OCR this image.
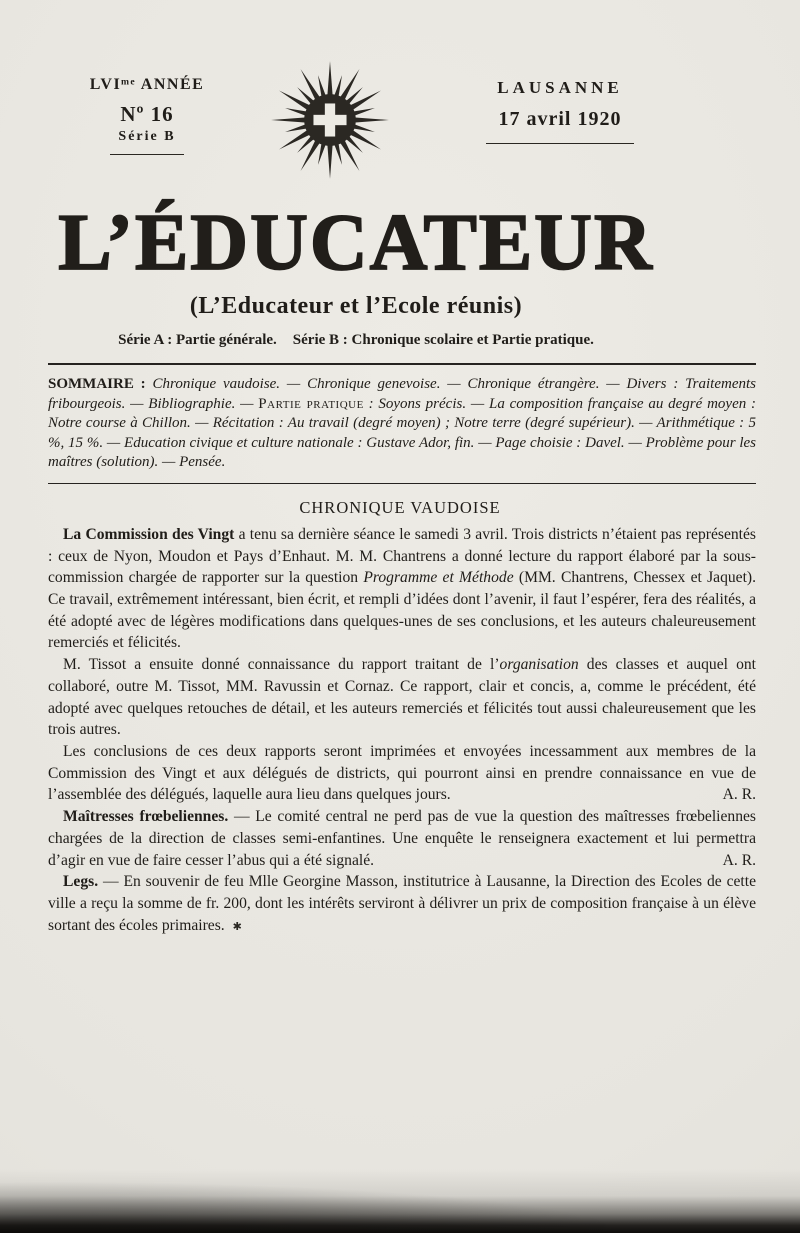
LVIᵐᵉ ANNÉE
Nº 16
Série B
LAUSANNE
17 avril 1920
L’ÉDUCATEUR
(L’Educateur et l’Ecole réunis)
Série A : Partie générale. Série B : Chronique scolaire et Partie pratique.

SOMMAIRE : Chronique vaudoise. — Chronique genevoise. — Chronique étrangère. — Divers : Traitements fribourgeois. — Bibliographie. — Partie pratique : Soyons précis. — La composition française au degré moyen : Notre course à Chillon. — Récitation : Au travail (degré moyen) ; Notre terre (degré supérieur). — Arithmétique : 5 %, 15 %. — Education civique et culture nationale : Gustave Ador, fin. — Page choisie : Davel. — Problème pour les maîtres (solution). — Pensée.

CHRONIQUE VAUDOISE

La Commission des Vingt a tenu sa dernière séance le samedi 3 avril. Trois districts n’étaient pas représentés : ceux de Nyon, Moudon et Pays d’Enhaut. M. M. Chantrens a donné lecture du rapport élaboré par la sous-commission chargée de rapporter sur la question Programme et Méthode (MM. Chantrens, Chessex et Jaquet). Ce travail, extrêmement intéressant, bien écrit, et rempli d’idées dont l’avenir, il faut l’espérer, fera des réalités, a été adopté avec de légères modifications dans quelques-unes de ses conclusions, et les auteurs chaleureusement remerciés et félicités.

M. Tissot a ensuite donné connaissance du rapport traitant de l’organisation des classes et auquel ont collaboré, outre M. Tissot, MM. Ravussin et Cornaz. Ce rapport, clair et concis, a, comme le précédent, été adopté avec quelques retouches de détail, et les auteurs remerciés et félicités tout aussi chaleureusement que les trois autres.

Les conclusions de ces deux rapports seront imprimées et envoyées incessamment aux membres de la Commission des Vingt et aux délégués de districts, qui pourront ainsi en prendre connaissance en vue de l’assemblée des délégués, laquelle aura lieu dans quelques jours.	A. R.

Maîtresses frœbeliennes. — Le comité central ne perd pas de vue la question des maîtresses frœbeliennes chargées de la direction de classes semi-enfantines. Une enquête le renseignera exactement et lui permettra d’agir en vue de faire cesser l’abus qui a été signalé.	A. R.

Legs. — En souvenir de feu Mlle Georgine Masson, institutrice à Lausanne, la Direction des Ecoles de cette ville a reçu la somme de fr. 200, dont les intérêts serviront à délivrer un prix de composition française à un élève sortant des écoles primaires. ✱
